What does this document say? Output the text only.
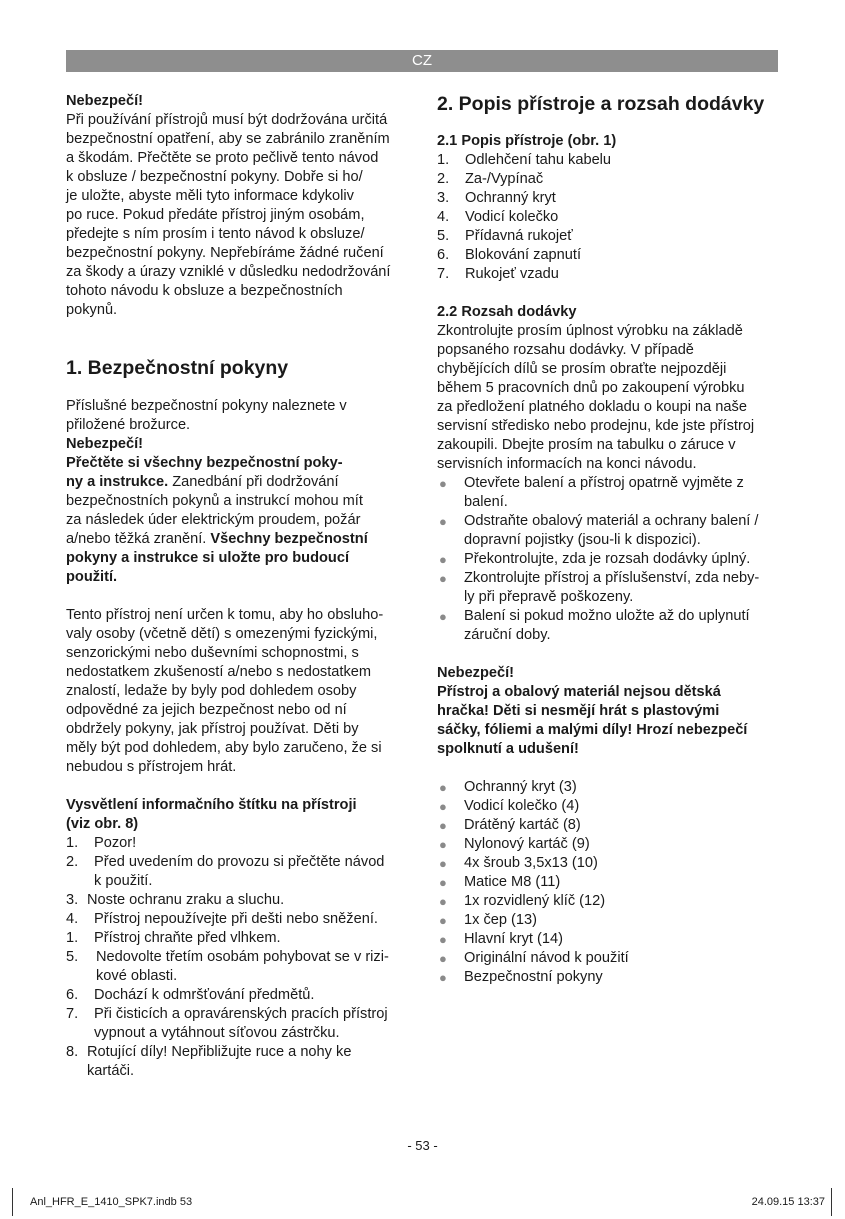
CZ

Nebezpečí!

Při používání přístrojů musí být dodržována určitá
bezpečnostní opatření, aby se zabránilo zraněním
a škodám. Přečtěte se proto pečlivě tento návod
k obsluze / bezpečnostní pokyny. Dobře si ho/
je uložte, abyste měli tyto informace kdykoliv
po ruce. Pokud předáte přístroj jiným osobám,
předejte s ním prosím i tento návod k obsluze/
bezpečnostní pokyny. Nepřebíráme žádné ručení
za škody a úrazy vzniklé v důsledku nedodržování
tohoto návodu k obsluze a bezpečnostních
pokynů.

1. Bezpečnostní pokyny

Příslušné bezpečnostní pokyny naleznete v
přiložené brožurce.

Nebezpečí!

Přečtěte si všechny bezpečnostní poky-
ny a instrukce. Zanedbání při dodržování
bezpečnostních pokynů a instrukcí mohou mít
za následek úder elektrickým proudem, požár
a/nebo těžká zranění. Všechny bezpečnostní
pokyny a instrukce si uložte pro budoucí
použití.

Tento přístroj není určen k tomu, aby ho obsluho-
valy osoby (včetně dětí) s omezenými fyzickými,
senzorickými nebo duševními schopnostmi, s
nedostatkem zkušeností a/nebo s nedostatkem
znalostí, ledaže by byly pod dohledem osoby
odpovědné za jejich bezpečnost nebo od ní
obdržely pokyny, jak přístroj používat. Děti by
měly být pod dohledem, aby bylo zaručeno, že si
nebudou s přístrojem hrát.

Vysvětlení informačního štítku na přístroji
(viz obr. 8)

1. Pozor!
2. Před uvedením do provozu si přečtěte návod
k použití.
3. Noste ochranu zraku a sluchu.
4. Přístroj nepoužívejte při dešti nebo sněžení.
1. Přístroj chraňte před vlhkem.
5. Nedovolte třetím osobám pohybovat se v rizi-
kové oblasti.
6. Dochází k odmršťování předmětů.
7. Při čisticích a opravárenských pracích přístroj
vypnout a vytáhnout síťovou zástrčku.
8. Rotující díly! Nepřibližujte ruce a nohy ke
kartáči.
2. Popis přístroje a rozsah dodávky

2.1 Popis přístroje (obr. 1)

1. Odlehčení tahu kabelu
2. Za-/Vypínač
3. Ochranný kryt
4. Vodicí kolečko
5. Přídavná rukojeť
6. Blokování zapnutí
7. Rukojeť vzadu

2.2 Rozsah dodávky

Zkontrolujte prosím úplnost výrobku na základě
popsaného rozsahu dodávky. V případě
chybějících dílů se prosím obraťte nejpozději
během 5 pracovních dnů po zakoupení výrobku
za předložení platného dokladu o koupi na naše
servisní středisko nebo prodejnu, kde jste přístroj
zakoupili. Dbejte prosím na tabulku o záruce v
servisních informacích na konci návodu.

● Otevřete balení a přístroj opatrně vyjměte z
balení.
● Odstraňte obalový materiál a ochrany balení /
dopravní pojistky (jsou-li k dispozici).
● Překontrolujte, zda je rozsah dodávky úplný.
● Zkontrolujte přístroj a příslušenství, zda neby-
ly při přepravě poškozeny.
● Balení si pokud možno uložte až do uplynutí
záruční doby.

Nebezpečí!

Přístroj a obalový materiál nejsou dětská
hračka! Děti si nesmějí hrát s plastovými
sáčky, fóliemi a malými díly! Hrozí nebezpečí
spolknutí a udušení!

● Ochranný kryt (3)
● Vodicí kolečko (4)
● Drátěný kartáč (8)
● Nylonový kartáč (9)
● 4x šroub 3,5x13 (10)
● Matice M8 (11)
● 1x rozvidlený klíč (12)
● 1x čep (13)
● Hlavní kryt (14)
● Originální návod k použití
● Bezpečnostní pokyny
- 53 -
Anl_HFR_E_1410_SPK7.indb 53	24.09.15 13:37
